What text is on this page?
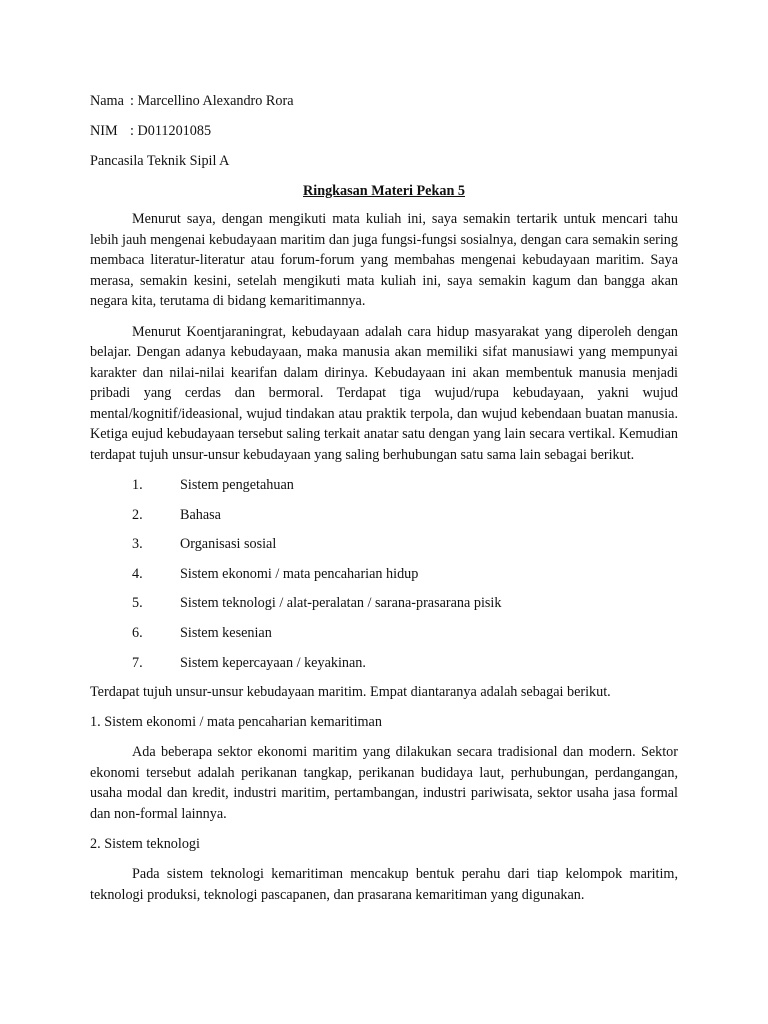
Nama : Marcellino Alexandro Rora
NIM : D011201085

Pancasila Teknik Sipil A

Ringkasan Materi Pekan 5

Menurut saya, dengan mengikuti mata kuliah ini, saya semakin tertarik untuk mencari tahu lebih jauh mengenai kebudayaan maritim dan juga fungsi-fungsi sosialnya, dengan cara semakin sering membaca literatur-literatur atau forum-forum yang membahas mengenai kebudayaan maritim. Saya merasa, semakin kesini, setelah mengikuti mata kuliah ini, saya semakin kagum dan bangga akan negara kita, terutama di bidang kemaritimannya.

Menurut Koentjaraningrat, kebudayaan adalah cara hidup masyarakat yang diperoleh dengan belajar. Dengan adanya kebudayaan, maka manusia akan memiliki sifat manusiawi yang mempunyai karakter dan nilai-nilai kearifan dalam dirinya. Kebudayaan ini akan membentuk manusia menjadi pribadi yang cerdas dan bermoral. Terdapat tiga wujud/rupa kebudayaan, yakni wujud mental/kognitif/ideasional, wujud tindakan atau praktik terpola, dan wujud kebendaan buatan manusia. Ketiga eujud kebudayaan tersebut saling terkait anatar satu dengan yang lain secara vertikal. Kemudian terdapat tujuh unsur-unsur kebudayaan yang saling berhubungan satu sama lain sebagai berikut.

1.	Sistem pengetahuan
2.	Bahasa
3.	Organisasi sosial
4.	Sistem ekonomi / mata pencaharian hidup
5.	Sistem teknologi / alat-peralatan / sarana-prasarana pisik
6.	Sistem kesenian
7.	Sistem kepercayaan / keyakinan.

Terdapat tujuh unsur-unsur kebudayaan maritim. Empat diantaranya adalah sebagai berikut.

1. Sistem ekonomi / mata pencaharian kemaritiman

Ada beberapa sektor ekonomi maritim yang dilakukan secara tradisional dan modern. Sektor ekonomi tersebut adalah perikanan tangkap, perikanan budidaya laut, perhubungan, perdangangan, usaha modal dan kredit, industri maritim, pertambangan, industri pariwisata, sektor usaha jasa formal dan non-formal lainnya.

2. Sistem teknologi

Pada sistem teknologi kemaritiman mencakup bentuk perahu dari tiap kelompok maritim, teknologi produksi, teknologi pascapanen, dan prasarana kemaritiman yang digunakan.
